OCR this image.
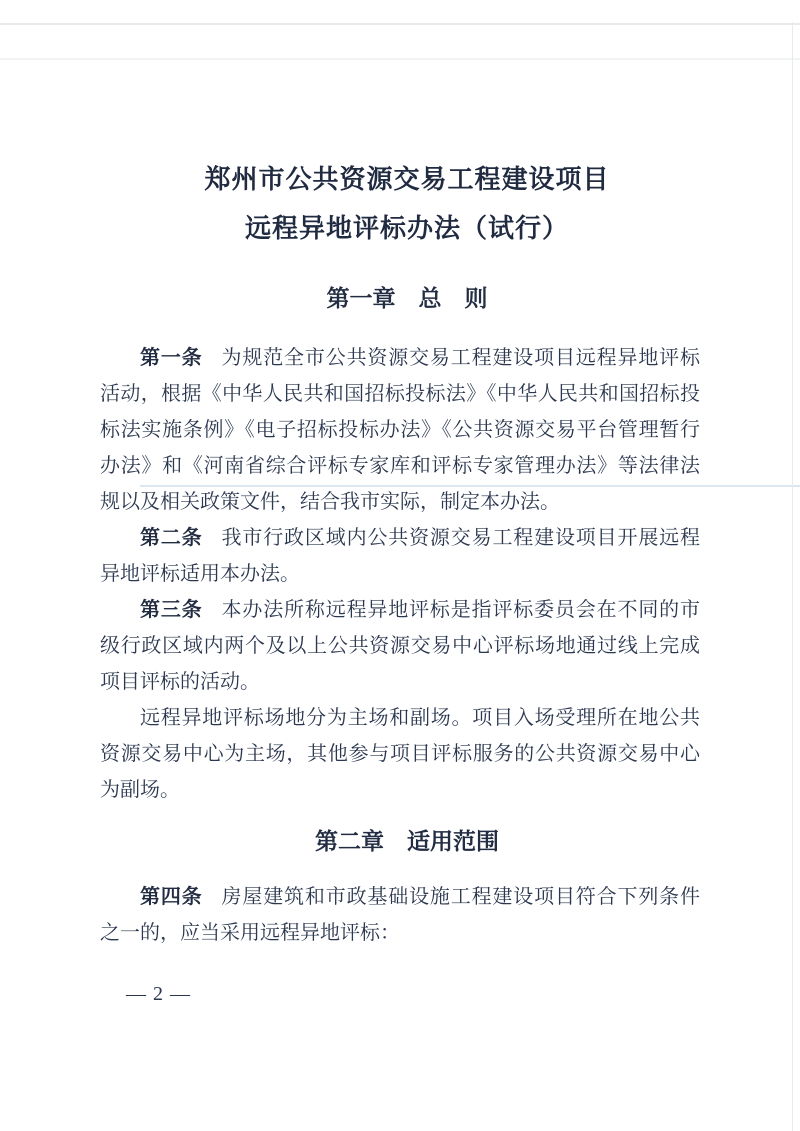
郑州市公共资源交易工程建设项目
远程异地评标办法（试行）
第一章　总　则
第一条 为规范全市公共资源交易工程建设项目远程异地评标
活动，根据《中华人民共和国招标投标法》《中华人民共和国招标投
标法实施条例》《电子招标投标办法》《公共资源交易平台管理暂行
办法》和《河南省综合评标专家库和评标专家管理办法》等法律法
规以及相关政策文件，结合我市实际，制定本办法。
第二条 我市行政区域内公共资源交易工程建设项目开展远程
异地评标适用本办法。
第三条 本办法所称远程异地评标是指评标委员会在不同的市
级行政区域内两个及以上公共资源交易中心评标场地通过线上完成
项目评标的活动。
远程异地评标场地分为主场和副场。项目入场受理所在地公共
资源交易中心为主场，其他参与项目评标服务的公共资源交易中心
为副场。
第二章　适用范围
第四条 房屋建筑和市政基础设施工程建设项目符合下列条件
之一的，应当采用远程异地评标：
— 2 —
